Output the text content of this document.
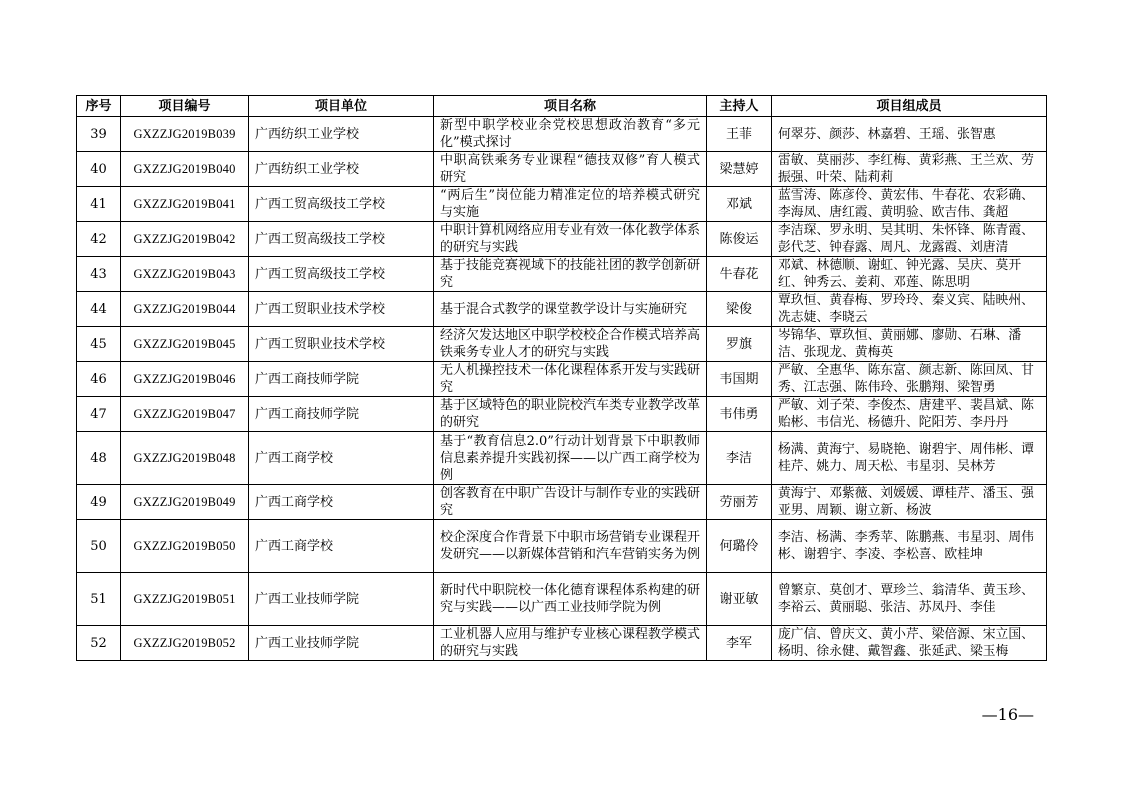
序号	项目编号	项目单位	项目名称	主持人	项目组成员
39	GXZZJG2019B039	广西纺织工业学校	新型中职学校业余党校思想政治教育“多元化”模式探讨	王菲	何翠芬、颜莎、林嘉碧、王瑶、张智惠
40	GXZZJG2019B040	广西纺织工业学校	中职高铁乘务专业课程“德技双修”育人模式研究	梁慧婷	雷敏、莫丽莎、李红梅、黄彩燕、王兰欢、劳振强、叶荣、陆莉莉
41	GXZZJG2019B041	广西工贸高级技工学校	“两后生”岗位能力精准定位的培养模式研究与实施	邓斌	蓝雪涛、陈彦伶、黄宏伟、牛春花、农彩确、李海凤、唐红霞、黄明验、欧吉伟、龚超
42	GXZZJG2019B042	广西工贸高级技工学校	中职计算机网络应用专业有效一体化教学体系的研究与实践	陈俊运	李洁琛、罗永明、吴其明、朱怀锋、陈青霞、彭代芝、钟春露、周凡、龙露霞、刘唐清
43	GXZZJG2019B043	广西工贸高级技工学校	基于技能竞赛视域下的技能社团的教学创新研究	牛春花	邓斌、林德顺、谢虹、钟光露、吴庆、莫开红、钟秀云、姜莉、邓莲、陈思明
44	GXZZJG2019B044	广西工贸职业技术学校	基于混合式教学的课堂教学设计与实施研究	梁俊	覃玖恒、黄春梅、罗玲玲、秦义宾、陆映州、冼志婕、李晓云
45	GXZZJG2019B045	广西工贸职业技术学校	经济欠发达地区中职学校校企合作模式培养高铁乘务专业人才的研究与实践	罗旗	岑锦华、覃玖恒、黄丽娜、廖勋、石琳、潘洁、张现龙、黄梅英
46	GXZZJG2019B046	广西工商技师学院	无人机操控技术一体化课程体系开发与实践研究	韦国期	严敏、全惠华、陈东富、颜志新、陈回凤、甘秀、江志强、陈伟玲、张鹏翔、梁智勇
47	GXZZJG2019B047	广西工商技师学院	基于区域特色的职业院校汽车类专业教学改革的研究	韦伟勇	严敏、刘子荣、李俊杰、唐建平、裴昌斌、陈贻彬、韦信光、杨德升、陀阳芳、李丹丹
48	GXZZJG2019B048	广西工商学校	基于“教育信息2.0”行动计划背景下中职教师信息素养提升实践初探——以广西工商学校为例	李洁	杨满、黄海宁、易晓艳、谢碧宇、周伟彬、谭桂芹、姚力、周天松、韦星羽、吴林芳
49	GXZZJG2019B049	广西工商学校	创客教育在中职广告设计与制作专业的实践研究	劳丽芳	黄海宁、邓紫薇、刘媛媛、谭桂芹、潘玉、强亚男、周颖、谢立新、杨波
50	GXZZJG2019B050	广西工商学校	校企深度合作背景下中职市场营销专业课程开发研究——以新媒体营销和汽车营销实务为例	何璐伶	李洁、杨满、李秀苹、陈鹏燕、韦星羽、周伟彬、谢碧宇、李凌、李松喜、欧桂坤
51	GXZZJG2019B051	广西工业技师学院	新时代中职院校一体化德育课程体系构建的研究与实践——以广西工业技师学院为例	谢亚敏	曾繁京、莫创才、覃珍兰、翁清华、黄玉珍、李裕云、黄丽聪、张洁、苏凤丹、李佳
52	GXZZJG2019B052	广西工业技师学院	工业机器人应用与维护专业核心课程教学模式的研究与实践	李军	庞广信、曾庆文、黄小芹、梁倍源、宋立国、杨明、徐永健、戴智鑫、张延武、梁玉梅
—16—
